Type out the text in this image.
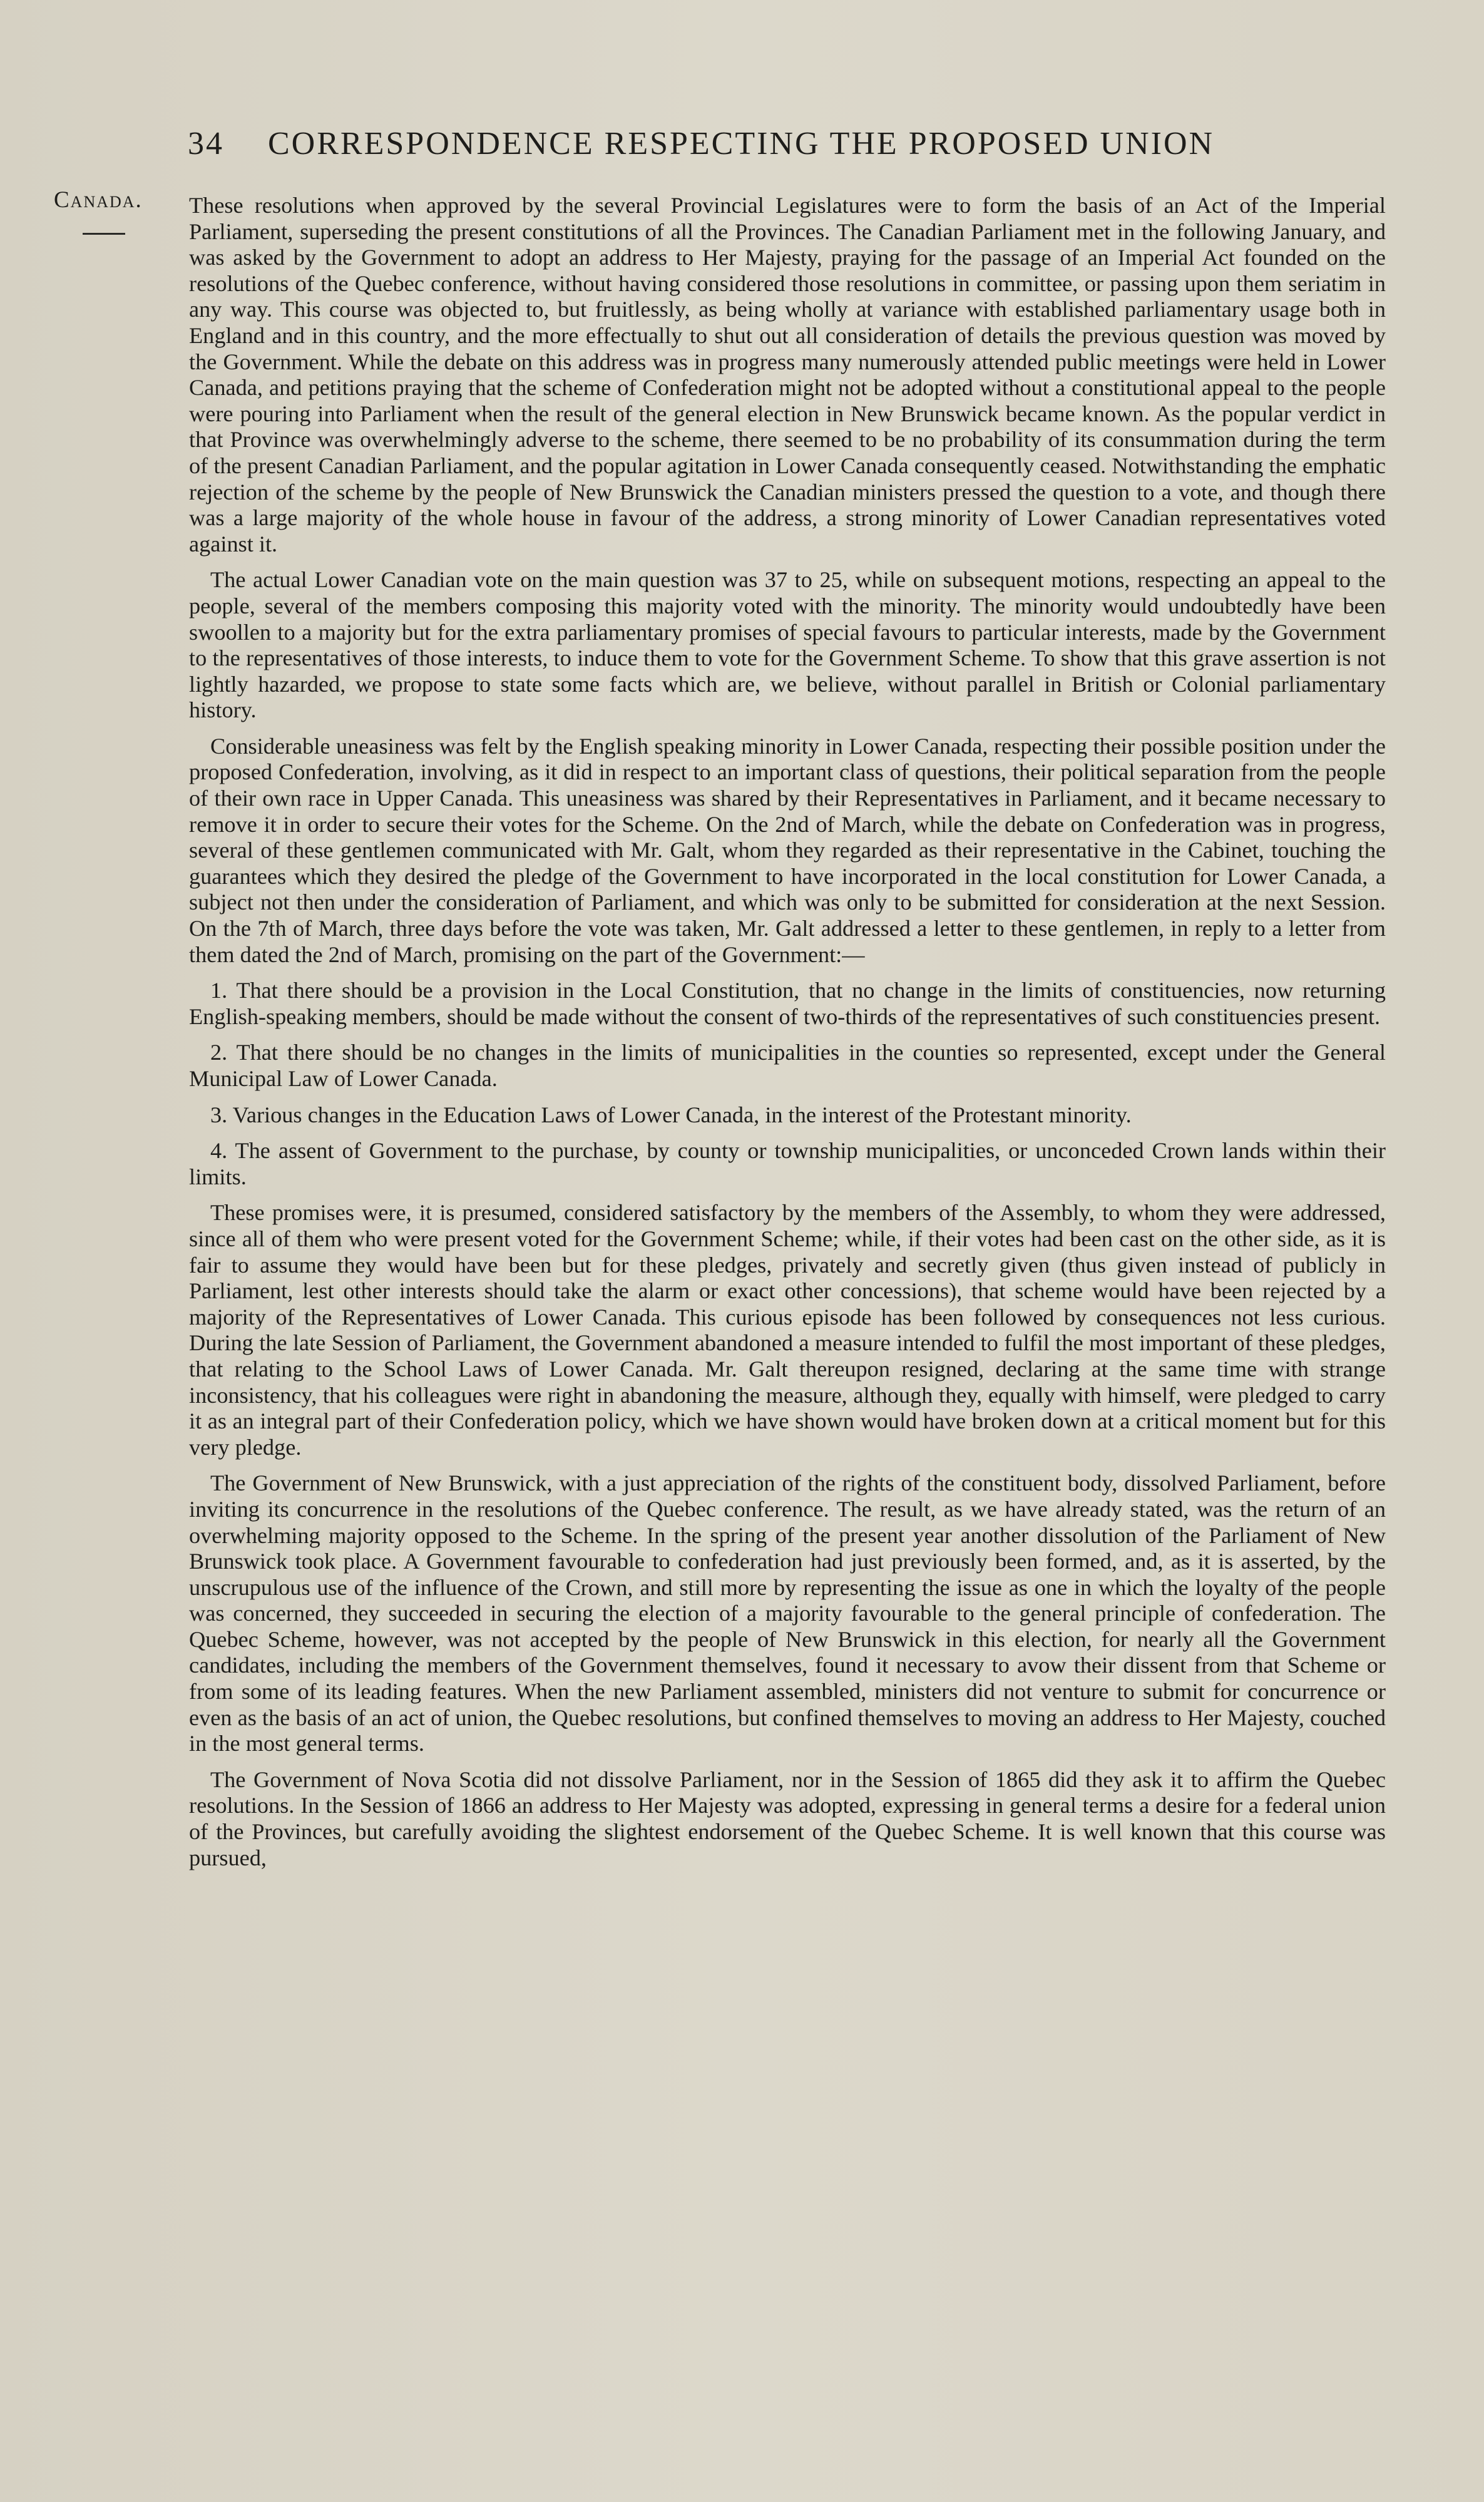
34 CORRESPONDENCE RESPECTING THE PROPOSED UNION
Canada. These resolutions when approved by the several Provincial Legislatures were to form the basis of an Act of the Imperial Parliament, superseding the present constitutions of all the Provinces. The Canadian Parliament met in the following January, and was asked by the Government to adopt an address to Her Majesty, praying for the passage of an Imperial Act founded on the resolutions of the Quebec conference, without having considered those resolutions in committee, or passing upon them seriatim in any way. This course was objected to, but fruitlessly, as being wholly at variance with established parliamentary usage both in England and in this country, and the more effectually to shut out all consideration of details the previous question was moved by the Government. While the debate on this address was in progress many numerously attended public meetings were held in Lower Canada, and petitions praying that the scheme of Confederation might not be adopted without a constitutional appeal to the people were pouring into Parliament when the result of the general election in New Brunswick became known. As the popular verdict in that Province was overwhelmingly adverse to the scheme, there seemed to be no probability of its consummation during the term of the present Canadian Parliament, and the popular agitation in Lower Canada consequently ceased. Notwithstanding the emphatic rejection of the scheme by the people of New Brunswick the Canadian ministers pressed the question to a vote, and though there was a large majority of the whole house in favour of the address, a strong minority of Lower Canadian representatives voted against it.

The actual Lower Canadian vote on the main question was 37 to 25, while on subsequent motions, respecting an appeal to the people, several of the members composing this majority voted with the minority. The minority would undoubtedly have been swoollen to a majority but for the extra parliamentary promises of special favours to particular interests, made by the Government to the representatives of those interests, to induce them to vote for the Government Scheme. To show that this grave assertion is not lightly hazarded, we propose to state some facts which are, we believe, without parallel in British or Colonial parliamentary history.

Considerable uneasiness was felt by the English speaking minority in Lower Canada, respecting their possible position under the proposed Confederation, involving, as it did in respect to an important class of questions, their political separation from the people of their own race in Upper Canada. This uneasiness was shared by their Representatives in Parliament, and it became necessary to remove it in order to secure their votes for the Scheme. On the 2nd of March, while the debate on Confederation was in progress, several of these gentlemen communicated with Mr. Galt, whom they regarded as their representative in the Cabinet, touching the guarantees which they desired the pledge of the Government to have incorporated in the local constitution for Lower Canada, a subject not then under the consideration of Parliament, and which was only to be submitted for consideration at the next Session. On the 7th of March, three days before the vote was taken, Mr. Galt addressed a letter to these gentlemen, in reply to a letter from them dated the 2nd of March, promising on the part of the Government:—

1. That there should be a provision in the Local Constitution, that no change in the limits of constituencies, now returning English-speaking members, should be made without the consent of two-thirds of the representatives of such constituencies present.

2. That there should be no changes in the limits of municipalities in the counties so represented, except under the General Municipal Law of Lower Canada.

3. Various changes in the Education Laws of Lower Canada, in the interest of the Protestant minority.

4. The assent of Government to the purchase, by county or township municipalities, or unconceded Crown lands within their limits.

These promises were, it is presumed, considered satisfactory by the members of the Assembly, to whom they were addressed, since all of them who were present voted for the Government Scheme; while, if their votes had been cast on the other side, as it is fair to assume they would have been but for these pledges, privately and secretly given (thus given instead of publicly in Parliament, lest other interests should take the alarm or exact other concessions), that scheme would have been rejected by a majority of the Representatives of Lower Canada. This curious episode has been followed by consequences not less curious. During the late Session of Parliament, the Government abandoned a measure intended to fulfil the most important of these pledges, that relating to the School Laws of Lower Canada. Mr. Galt thereupon resigned, declaring at the same time with strange inconsistency, that his colleagues were right in abandoning the measure, although they, equally with himself, were pledged to carry it as an integral part of their Confederation policy, which we have shown would have broken down at a critical moment but for this very pledge.

The Government of New Brunswick, with a just appreciation of the rights of the constituent body, dissolved Parliament, before inviting its concurrence in the resolutions of the Quebec conference. The result, as we have already stated, was the return of an overwhelming majority opposed to the Scheme. In the spring of the present year another dissolution of the Parliament of New Brunswick took place. A Government favourable to confederation had just previously been formed, and, as it is asserted, by the unscrupulous use of the influence of the Crown, and still more by representing the issue as one in which the loyalty of the people was concerned, they succeeded in securing the election of a majority favourable to the general principle of confederation. The Quebec Scheme, however, was not accepted by the people of New Brunswick in this election, for nearly all the Government candidates, including the members of the Government themselves, found it necessary to avow their dissent from that Scheme or from some of its leading features. When the new Parliament assembled, ministers did not venture to submit for concurrence or even as the basis of an act of union, the Quebec resolutions, but confined themselves to moving an address to Her Majesty, couched in the most general terms.

The Government of Nova Scotia did not dissolve Parliament, nor in the Session of 1865 did they ask it to affirm the Quebec resolutions. In the Session of 1866 an address to Her Majesty was adopted, expressing in general terms a desire for a federal union of the Provinces, but carefully avoiding the slightest endorsement of the Quebec Scheme. It is well known that this course was pursued,
